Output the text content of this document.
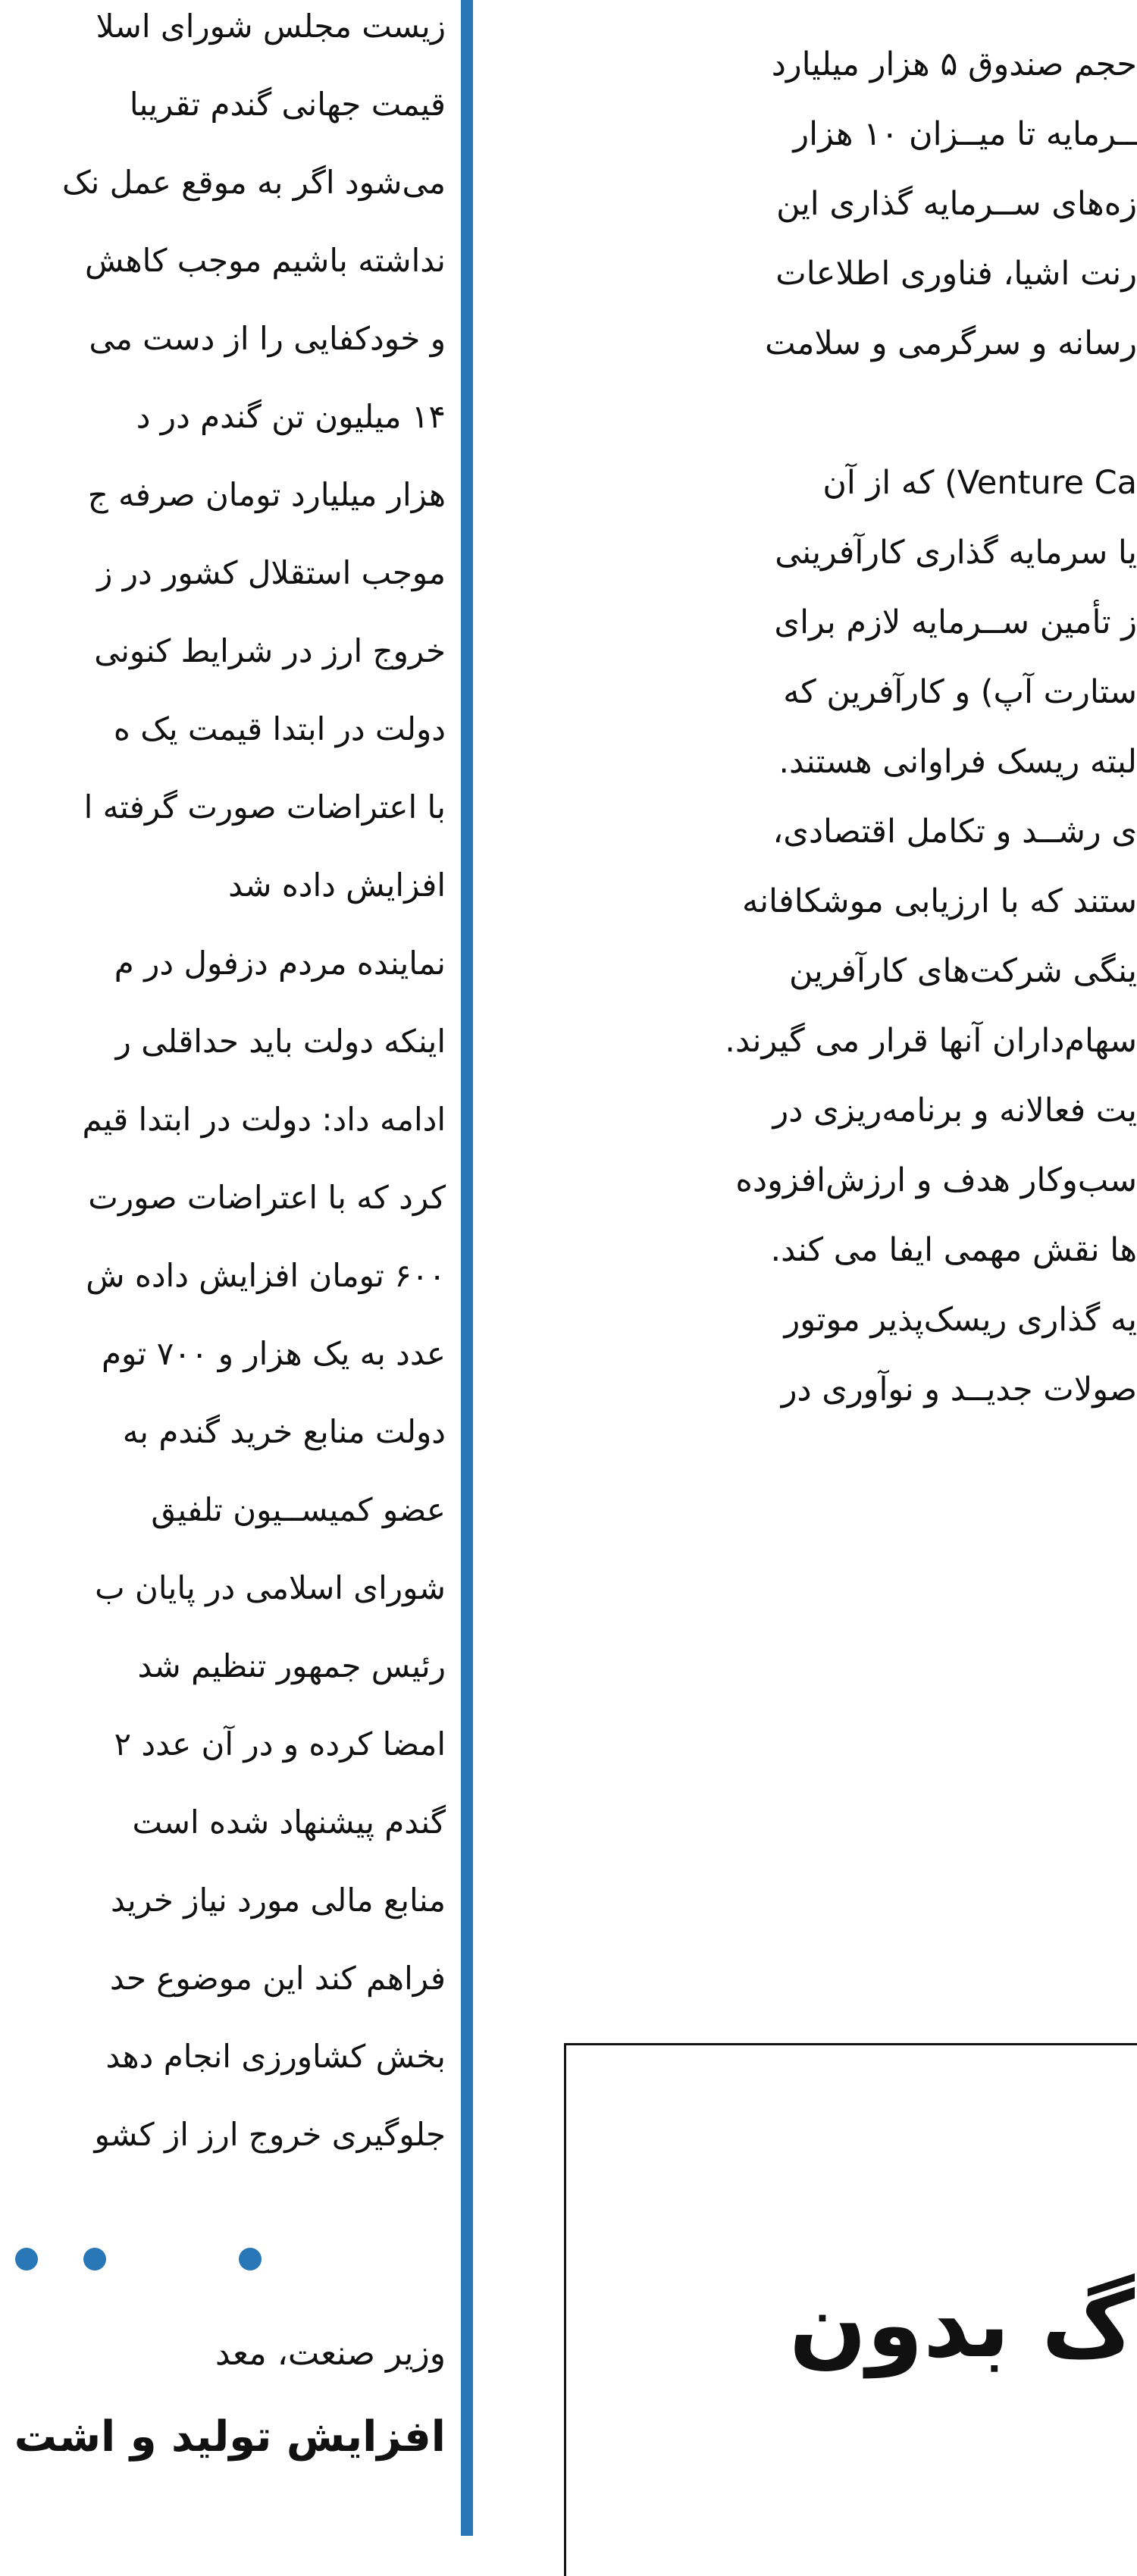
زیست مجلس شورای اسلا
قیمت جهانی گندم تقریبا
می‌شود اگر به موقع عمل نک
نداشته باشیم موجب کاهش
و خودکفایی را از دست می
۱۴ میلیون تن گندم در د
هزار میلیارد تومان صرفه ج
موجب استقلال کشور در ز
خروج ارز در شرایط کنونی
دولت در ابتدا قیمت یک ه
با اعتراضات صورت گرفته ا
افزایش داده شد
نماینده مردم دزفول در م
اینکه دولت باید حداقلی ر
ادامه داد: دولت در ابتدا قیم
کرد که با اعتراضات صورت
۶۰۰ تومان افزایش داده ش
عدد به یک هزار و ۷۰۰ توم
دولت منابع خرید گندم به
عضو کمیســیون تلفیق
شورای اسلامی در پایان ب
رئیس جمهور تنظیم شد
امضا کرده و در آن عدد ۲
گندم پیشنهاد شده است
منابع مالی مورد نیاز خرید
فراهم کند این موضوع حد
بخش کشاورزی انجام دهد
جلوگیری خروج ارز از کشو
وزیر صنعت، معد
افزایش تولید و اشت
حجم صندوق ۵ هزار میلیارد
ــرمایه تا میــزان ۱۰ هزار
زه‌های ســرمایه گذاری این
رنت اشیا، فناوری اطلاعات
رسانه و سرگرمی و سلامت
Venture Ca) که از آن
یا سرمایه گذاری کارآفرینی
ز تأمین ســرمایه لازم برای
ستارت آپ) و کارآفرین که
لبته ریسک فراوانی هستند.
ی رشــد و تکامل اقتصادی،
ستند که با ارزیابی موشکافانه
ینگی شرکت‌های کارآفرین
سهام‌داران آنها قرار می گیرند.
یت فعالانه و برنامه‌ریزی در
سب‌وکار هدف و ارزش‌افزوده
ها نقش مهمی ایفا می کند.
یه گذاری ریسک‌پذیر موتور
صولات جدیــد و نوآوری در
گ بدون
